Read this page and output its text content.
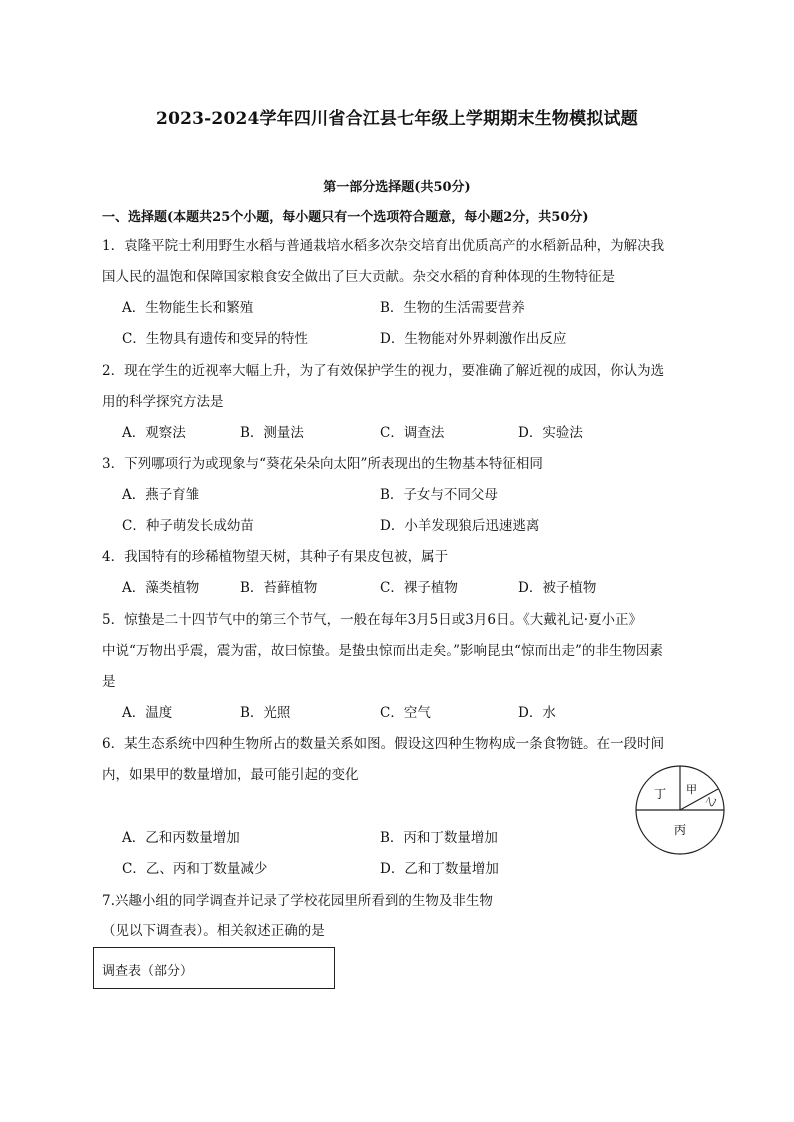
2023-2024学年四川省合江县七年级上学期期末生物模拟试题
第一部分选择题(共50分)
一、选择题(本题共25个小题，每小题只有一个选项符合题意，每小题2分，共50分)
1．袁隆平院士利用野生水稻与普通栽培水稻多次杂交培育出优质高产的水稻新品种，为解决我
国人民的温饱和保障国家粮食安全做出了巨大贡献。杂交水稻的育种体现的生物特征是
A．生物能生长和繁殖	B．生物的生活需要营养
C．生物具有遗传和变异的特性	D．生物能对外界刺激作出反应
2．现在学生的近视率大幅上升，为了有效保护学生的视力，要准确了解近视的成因，你认为选
用的科学探究方法是
A．观察法	B．测量法	C．调查法	D．实验法
3．下列哪项行为或现象与“葵花朵朵向太阳”所表现出的生物基本特征相同
A．燕子育雏	B．子女与不同父母
C．种子萌发长成幼苗	D．小羊发现狼后迅速逃离
4．我国特有的珍稀植物望天树，其种子有果皮包被，属于
A．藻类植物	B．苔藓植物	C．裸子植物	D．被子植物
5．惊蛰是二十四节气中的第三个节气，一般在每年3月5日或3月6日。《大戴礼记·夏小正》
中说“万物出乎震，震为雷，故曰惊蛰。是蛰虫惊而出走矣。”影响昆虫“惊而出走”的非生物因素
是
A．温度	B．光照	C．空气	D．水
6．某生态系统中四种生物所占的数量关系如图。假设这四种生物构成一条食物链。在一段时间
内，如果甲的数量增加，最可能引起的变化
丁 甲
乙
丙
A．乙和丙数量增加	B．丙和丁数量增加
C．乙、丙和丁数量减少	D．乙和丁数量增加
7.兴趣小组的同学调查并记录了学校花园里所看到的生物及非生物
（见以下调查表）。相关叙述正确的是
调查表（部分）
